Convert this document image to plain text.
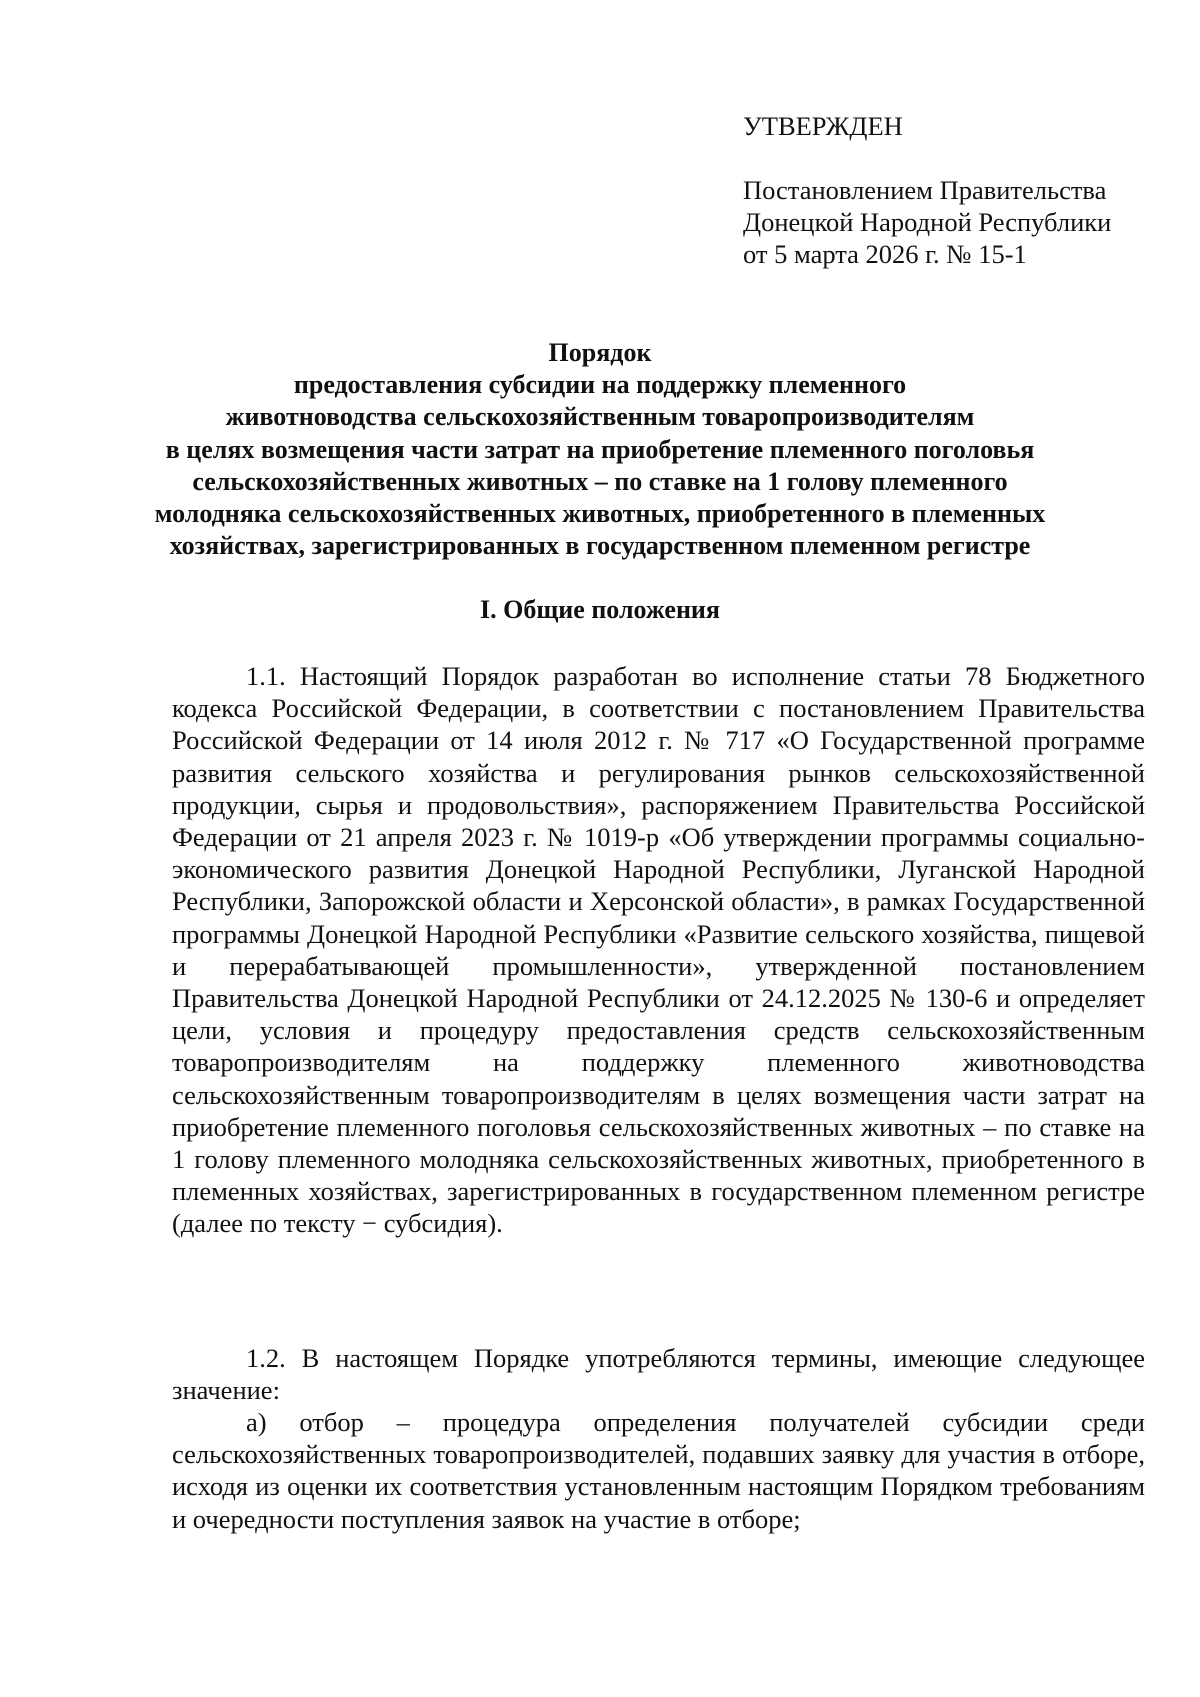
УТВЕРЖДЕН
Постановлением Правительства
Донецкой Народной Республики
от 5 марта 2026 г. № 15-1
Порядок
предоставления субсидии на поддержку племенного
животноводства сельскохозяйственным товаропроизводителям
в целях возмещения части затрат на приобретение племенного поголовья
сельскохозяйственных животных – по ставке на 1 голову племенного
молодняка сельскохозяйственных животных, приобретенного в племенных
хозяйствах, зарегистрированных в государственном племенном регистре
I. Общие положения
1.1. Настоящий Порядок разработан во исполнение статьи 78 Бюджетного кодекса Российской Федерации, в соответствии с постановлением Правительства Российской Федерации от 14 июля 2012 г. № 717 «О Государственной программе развития сельского хозяйства и регулирования рынков сельскохозяйственной продукции, сырья и продовольствия», распоряжением Правительства Российской Федерации от 21 апреля 2023 г. № 1019-р «Об утверждении программы социально-экономического развития Донецкой Народной Республики, Луганской Народной Республики, Запорожской области и Херсонской области», в рамках Государственной программы Донецкой Народной Республики «Развитие сельского хозяйства, пищевой и перерабатывающей промышленности», утвержденной постановлением Правительства Донецкой Народной Республики от 24.12.2025 № 130-6 и определяет цели, условия и процедуру предоставления средств сельскохозяйственным товаропроизводителям на поддержку племенного животноводства сельскохозяйственным товаропроизводителям в целях возмещения части затрат на приобретение племенного поголовья сельскохозяйственных животных – по ставке на 1 голову племенного молодняка сельскохозяйственных животных, приобретенного в племенных хозяйствах, зарегистрированных в государственном племенном регистре (далее по тексту − субсидия).
1.2. В настоящем Порядке употребляются термины, имеющие следующее значение:
а) отбор – процедура определения получателей субсидии среди сельскохозяйственных товаропроизводителей, подавших заявку для участия в отборе, исходя из оценки их соответствия установленным настоящим Порядком требованиям и очередности поступления заявок на участие в отборе;
